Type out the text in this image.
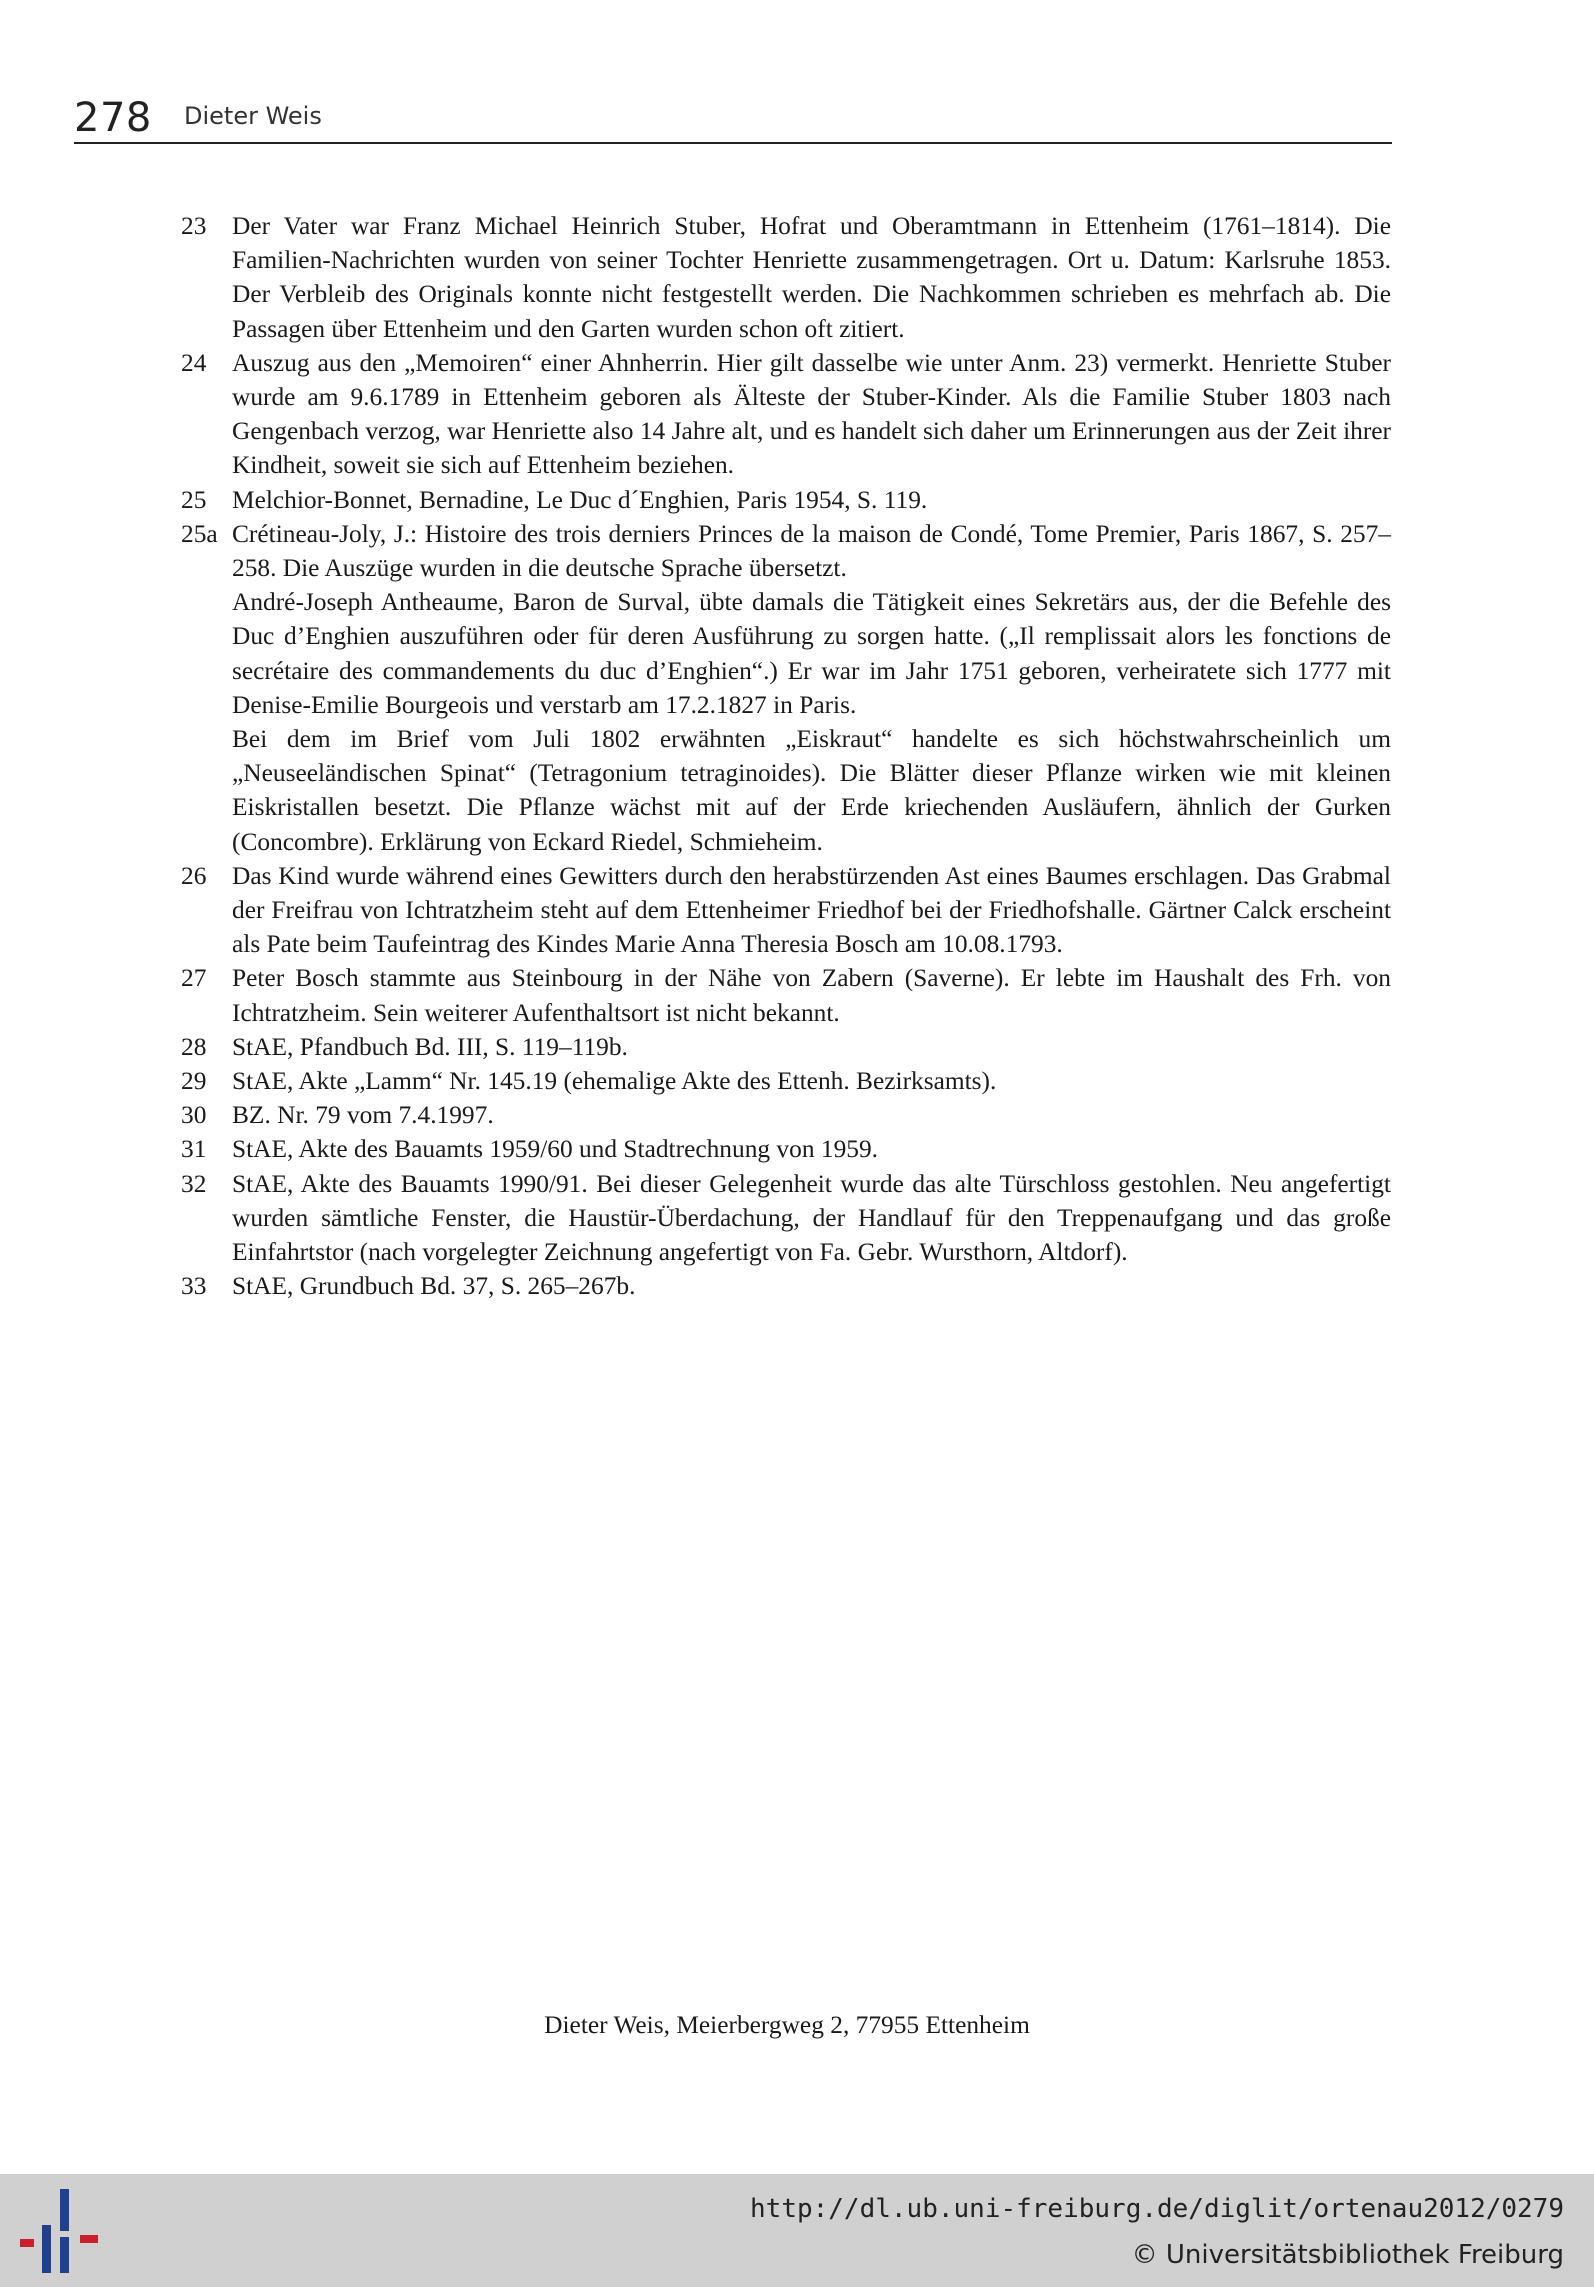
278 Dieter Weis
23	Der Vater war Franz Michael Heinrich Stuber, Hofrat und Oberamtmann in Ettenheim (1761–1814). Die Familien-Nachrichten wurden von seiner Tochter Henriette zusammengetragen. Ort u. Datum: Karlsruhe 1853. Der Verbleib des Originals konnte nicht festgestellt werden. Die Nachkommen schrieben es mehrfach ab. Die Passagen über Ettenheim und den Garten wurden schon oft zitiert.

24	Auszug aus den „Memoiren“ einer Ahnherrin. Hier gilt dasselbe wie unter Anm. 23) vermerkt. Henriette Stuber wurde am 9.6.1789 in Ettenheim geboren als Älteste der Stuber-Kinder. Als die Familie Stuber 1803 nach Gengenbach verzog, war Henriette also 14 Jahre alt, und es handelt sich daher um Erinnerungen aus der Zeit ihrer Kindheit, soweit sie sich auf Ettenheim beziehen.

25	Melchior-Bonnet, Bernadine, Le Duc d´Enghien, Paris 1954, S. 119.

25a Crétineau-Joly, J.: Histoire des trois derniers Princes de la maison de Condé, Tome Premier, Paris 1867, S. 257–258. Die Auszüge wurden in die deutsche Sprache übersetzt.

André-Joseph Antheaume, Baron de Surval, übte damals die Tätigkeit eines Sekretärs aus, der die Befehle des Duc d’Enghien auszuführen oder für deren Ausführung zu sorgen hatte. („Il remplissait alors les fonctions de secrétaire des commandements du duc d’Enghien“.) Er war im Jahr 1751 geboren, verheiratete sich 1777 mit Denise-Emilie Bourgeois und verstarb am 17.2.1827 in Paris.

Bei dem im Brief vom Juli 1802 erwähnten „Eiskraut“ handelte es sich höchstwahrscheinlich um „Neuseeländischen Spinat“ (Tetragonium tetraginoides). Die Blätter dieser Pflanze wirken wie mit kleinen Eiskristallen besetzt. Die Pflanze wächst mit auf der Erde kriechenden Ausläufern, ähnlich der Gurken (Concombre). Erklärung von Eckard Riedel, Schmieheim.

26	Das Kind wurde während eines Gewitters durch den herabstürzenden Ast eines Baumes erschlagen. Das Grabmal der Freifrau von Ichtratzheim steht auf dem Ettenheimer Friedhof bei der Friedhofshalle. Gärtner Calck erscheint als Pate beim Taufeintrag des Kindes Marie Anna Theresia Bosch am 10.08.1793.

27	Peter Bosch stammte aus Steinbourg in der Nähe von Zabern (Saverne). Er lebte im Haushalt des Frh. von Ichtratzheim. Sein weiterer Aufenthaltsort ist nicht bekannt.

28	StAE, Pfandbuch Bd. III, S. 119–119b.

29	StAE, Akte „Lamm“ Nr. 145.19 (ehemalige Akte des Ettenh. Bezirksamts).

30	BZ. Nr. 79 vom 7.4.1997.

31	StAE, Akte des Bauamts 1959/60 und Stadtrechnung von 1959.

32	StAE, Akte des Bauamts 1990/91. Bei dieser Gelegenheit wurde das alte Türschloss gestohlen. Neu angefertigt wurden sämtliche Fenster, die Haustür-Überdachung, der Handlauf für den Treppenaufgang und das große Einfahrtstor (nach vorgelegter Zeichnung angefertigt von Fa. Gebr. Wursthorn, Altdorf).

33	StAE, Grundbuch Bd. 37, S. 265–267b.

Dieter Weis, Meierbergweg 2, 77955 Ettenheim
http://dl.ub.uni-freiburg.de/diglit/ortenau2012/0279
© Universitätsbibliothek Freiburg
